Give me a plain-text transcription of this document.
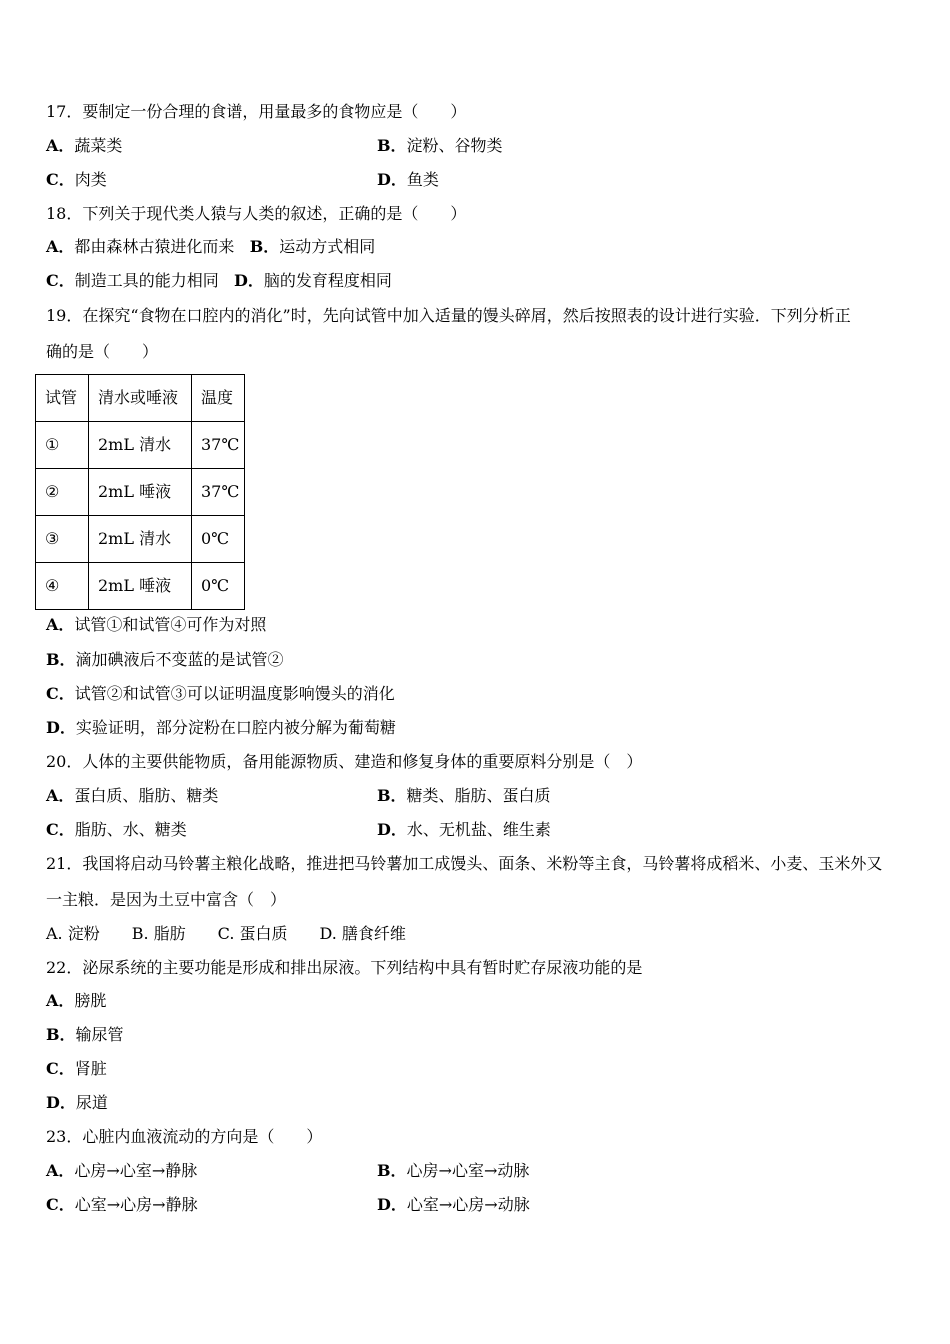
17．要制定一份合理的食谱，用量最多的食物应是（　　）
A．蔬菜类	B．淀粉、谷物类
C．肉类	D．鱼类
18．下列关于现代类人猿与人类的叙述，正确的是（　　）
A．都由森林古猿进化而来 B．运动方式相同
C．制造工具的能力相同 D．脑的发育程度相同
19．在探究“食物在口腔内的消化”时，先向试管中加入适量的馒头碎屑，然后按照表的设计进行实验．下列分析正
确的是（　　）
试管	清水或唾液	温度
①	2mL 清水	37℃
②	2mL 唾液	37℃
③	2mL 清水	0℃
④	2mL 唾液	0℃
A．试管①和试管④可作为对照
B．滴加碘液后不变蓝的是试管②
C．试管②和试管③可以证明温度影响馒头的消化
D．实验证明，部分淀粉在口腔内被分解为葡萄糖
20．人体的主要供能物质，备用能源物质、建造和修复身体的重要原料分别是（　）
A．蛋白质、脂肪、糖类	B．糖类、脂肪、蛋白质
C．脂肪、水、糖类	D．水、无机盐、维生素
21．我国将启动马铃薯主粮化战略，推进把马铃薯加工成馒头、面条、米粉等主食，马铃薯将成稻米、小麦、玉米外又
一主粮．是因为土豆中富含（　）
A. 淀粉　　B. 脂肪　　C. 蛋白质　　D. 膳食纤维
22．泌尿系统的主要功能是形成和排出尿液。下列结构中具有暂时贮存尿液功能的是
A．膀胱
B．输尿管
C．肾脏
D．尿道
23．心脏内血液流动的方向是（　　）
A．心房→心室→静脉	B．心房→心室→动脉
C．心室→心房→静脉	D．心室→心房→动脉
